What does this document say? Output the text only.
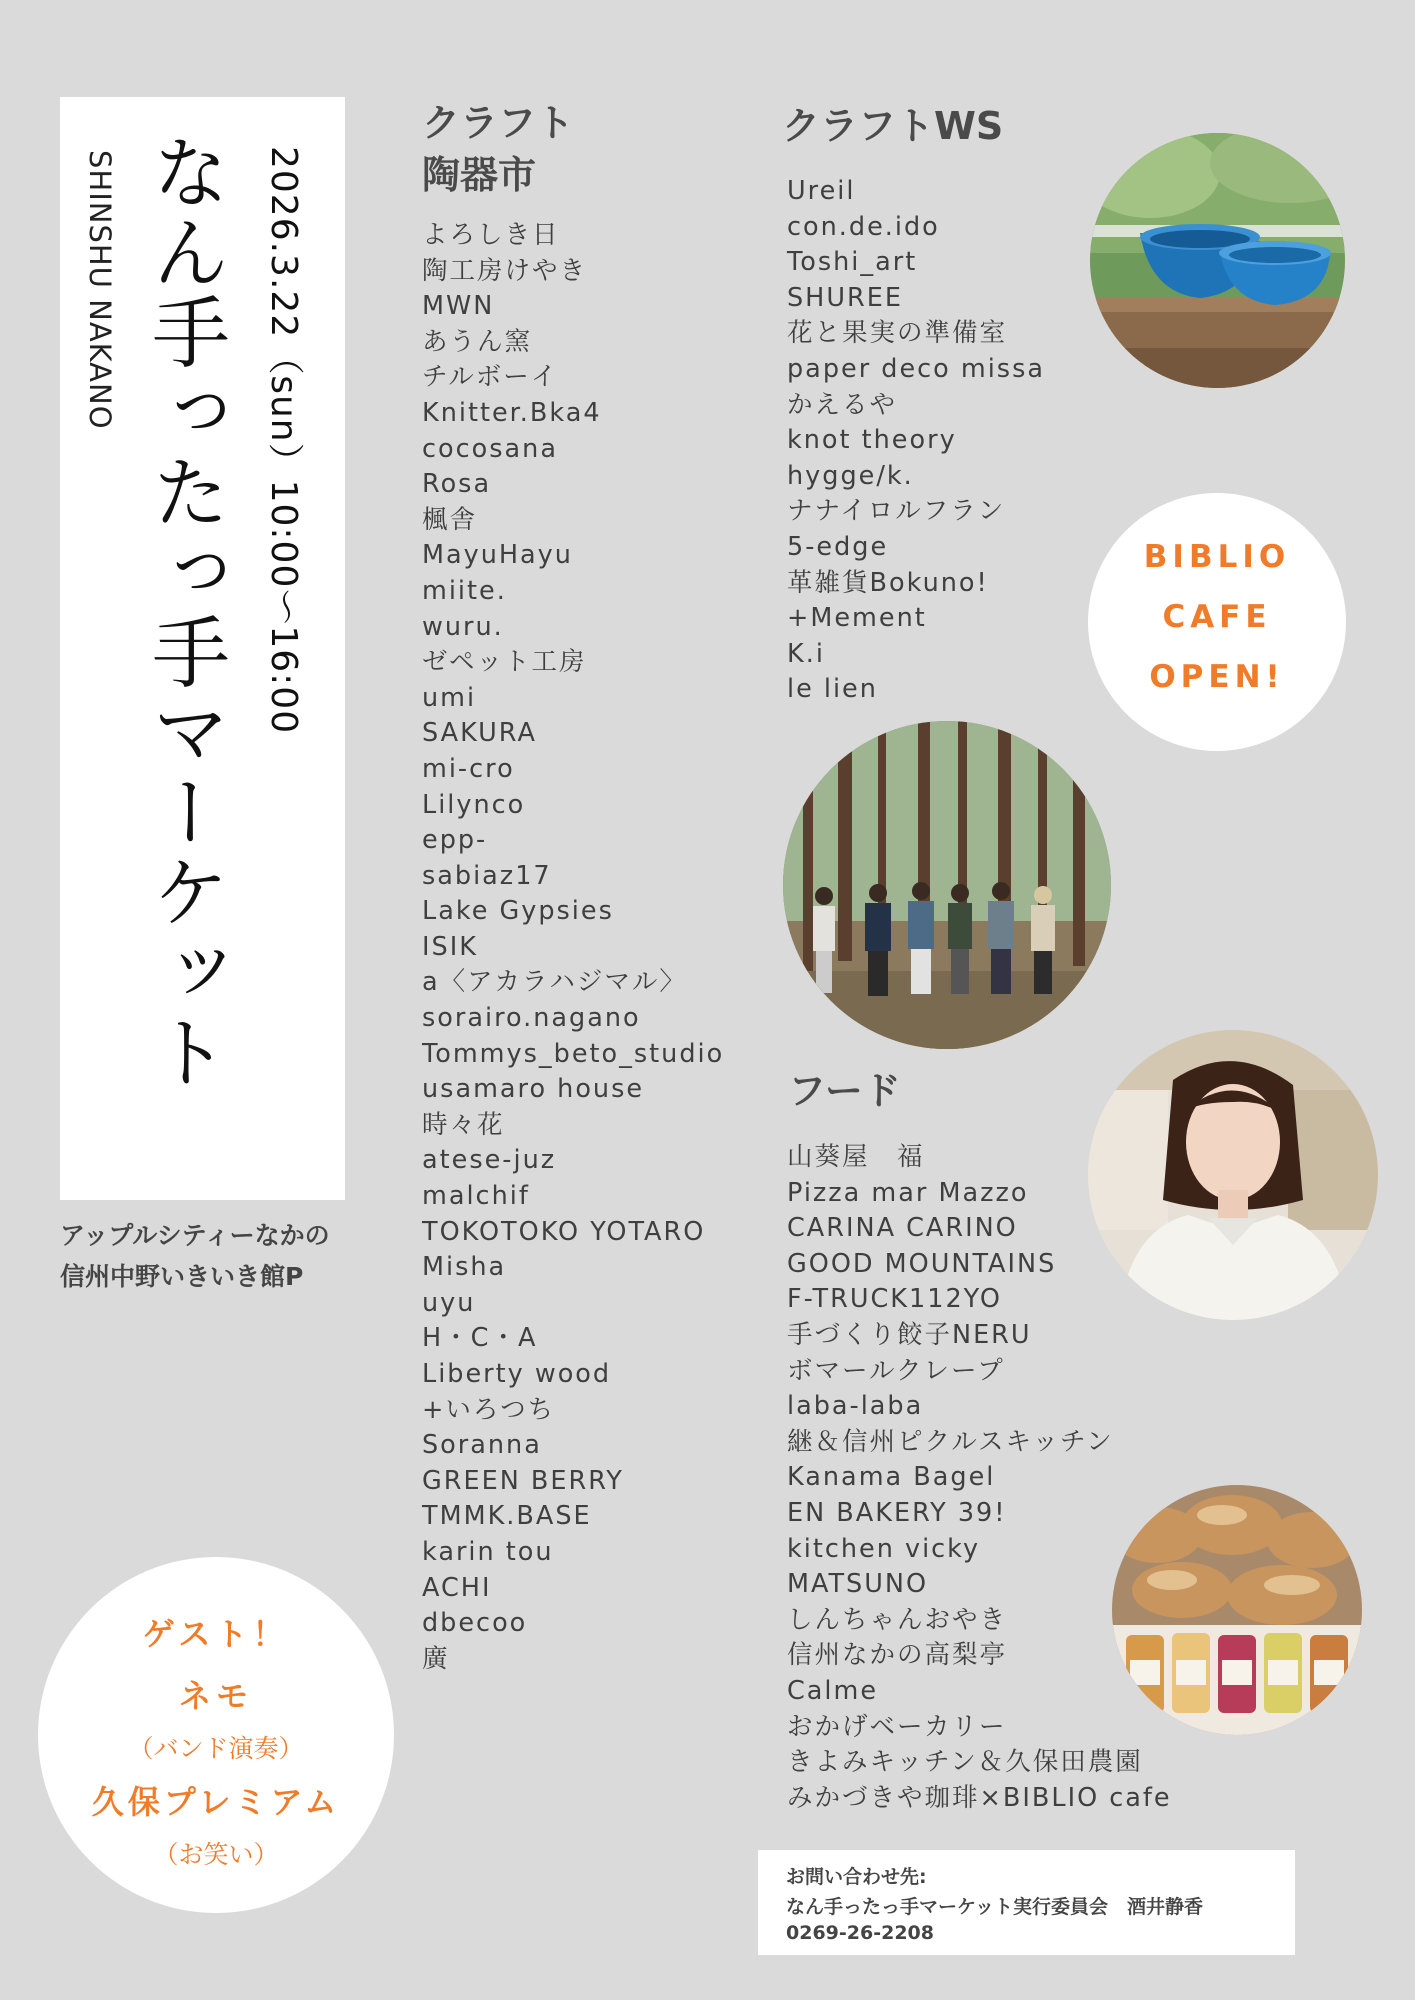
なん手ったっ手マーケット 2026.3.22（sun）10:00～16:00
SHINSHU NAKANO
アップルシティーなかの
信州中野いきいき館P
クラフト
陶器市
よろしき日
陶工房けやき
MWN
あうん窯
チルボーイ
Knitter.Bka4
cocosana
Rosa
楓舎
MayuHayu
miite.
wuru.
ゼペット工房
umi
SAKURA
mi-cro
Lilynco
epp-
sabiaz17
Lake Gypsies
ISIK
a〈アカラハジマル〉
sorairo.nagano
Tommys_beto_studio
usamaro house
時々花
atese-juz
malchif
TOKOTOKO YOTARO
Misha
uyu
H・C・A
Liberty wood
+いろつち
Soranna
GREEN BERRY
TMMK.BASE
karin tou
ACHI
dbecoo
廣
クラフトWS
Ureil
con.de.ido
Toshi_art
SHUREE
花と果実の準備室
paper deco missa
かえるや
knot theory
hygge/k.
ナナイロルフラン
5-edge
革雑貨Bokuno!
+Mement
K.i
le lien
フード
山葵屋　福
Pizza mar Mazzo
CARINA CARINO
GOOD MOUNTAINS
F-TRUCK112YO
手づくり餃子NERU
ボマールクレープ
laba-laba
継＆信州ピクルスキッチン
Kanama Bagel
EN BAKERY 39!
kitchen vicky
MATSUNO
しんちゃんおやき
信州なかの高梨亭
Calme
おかげベーカリー
きよみキッチン＆久保田農園
みかづきや珈琲×BIBLIO cafe
BIBLIO
CAFE
OPEN!
ゲスト！
ネモ
（バンド演奏）
久保プレミアム
（お笑い）
お問い合わせ先:
なん手ったっ手マーケット実行委員会　酒井静香
0269-26-2208
